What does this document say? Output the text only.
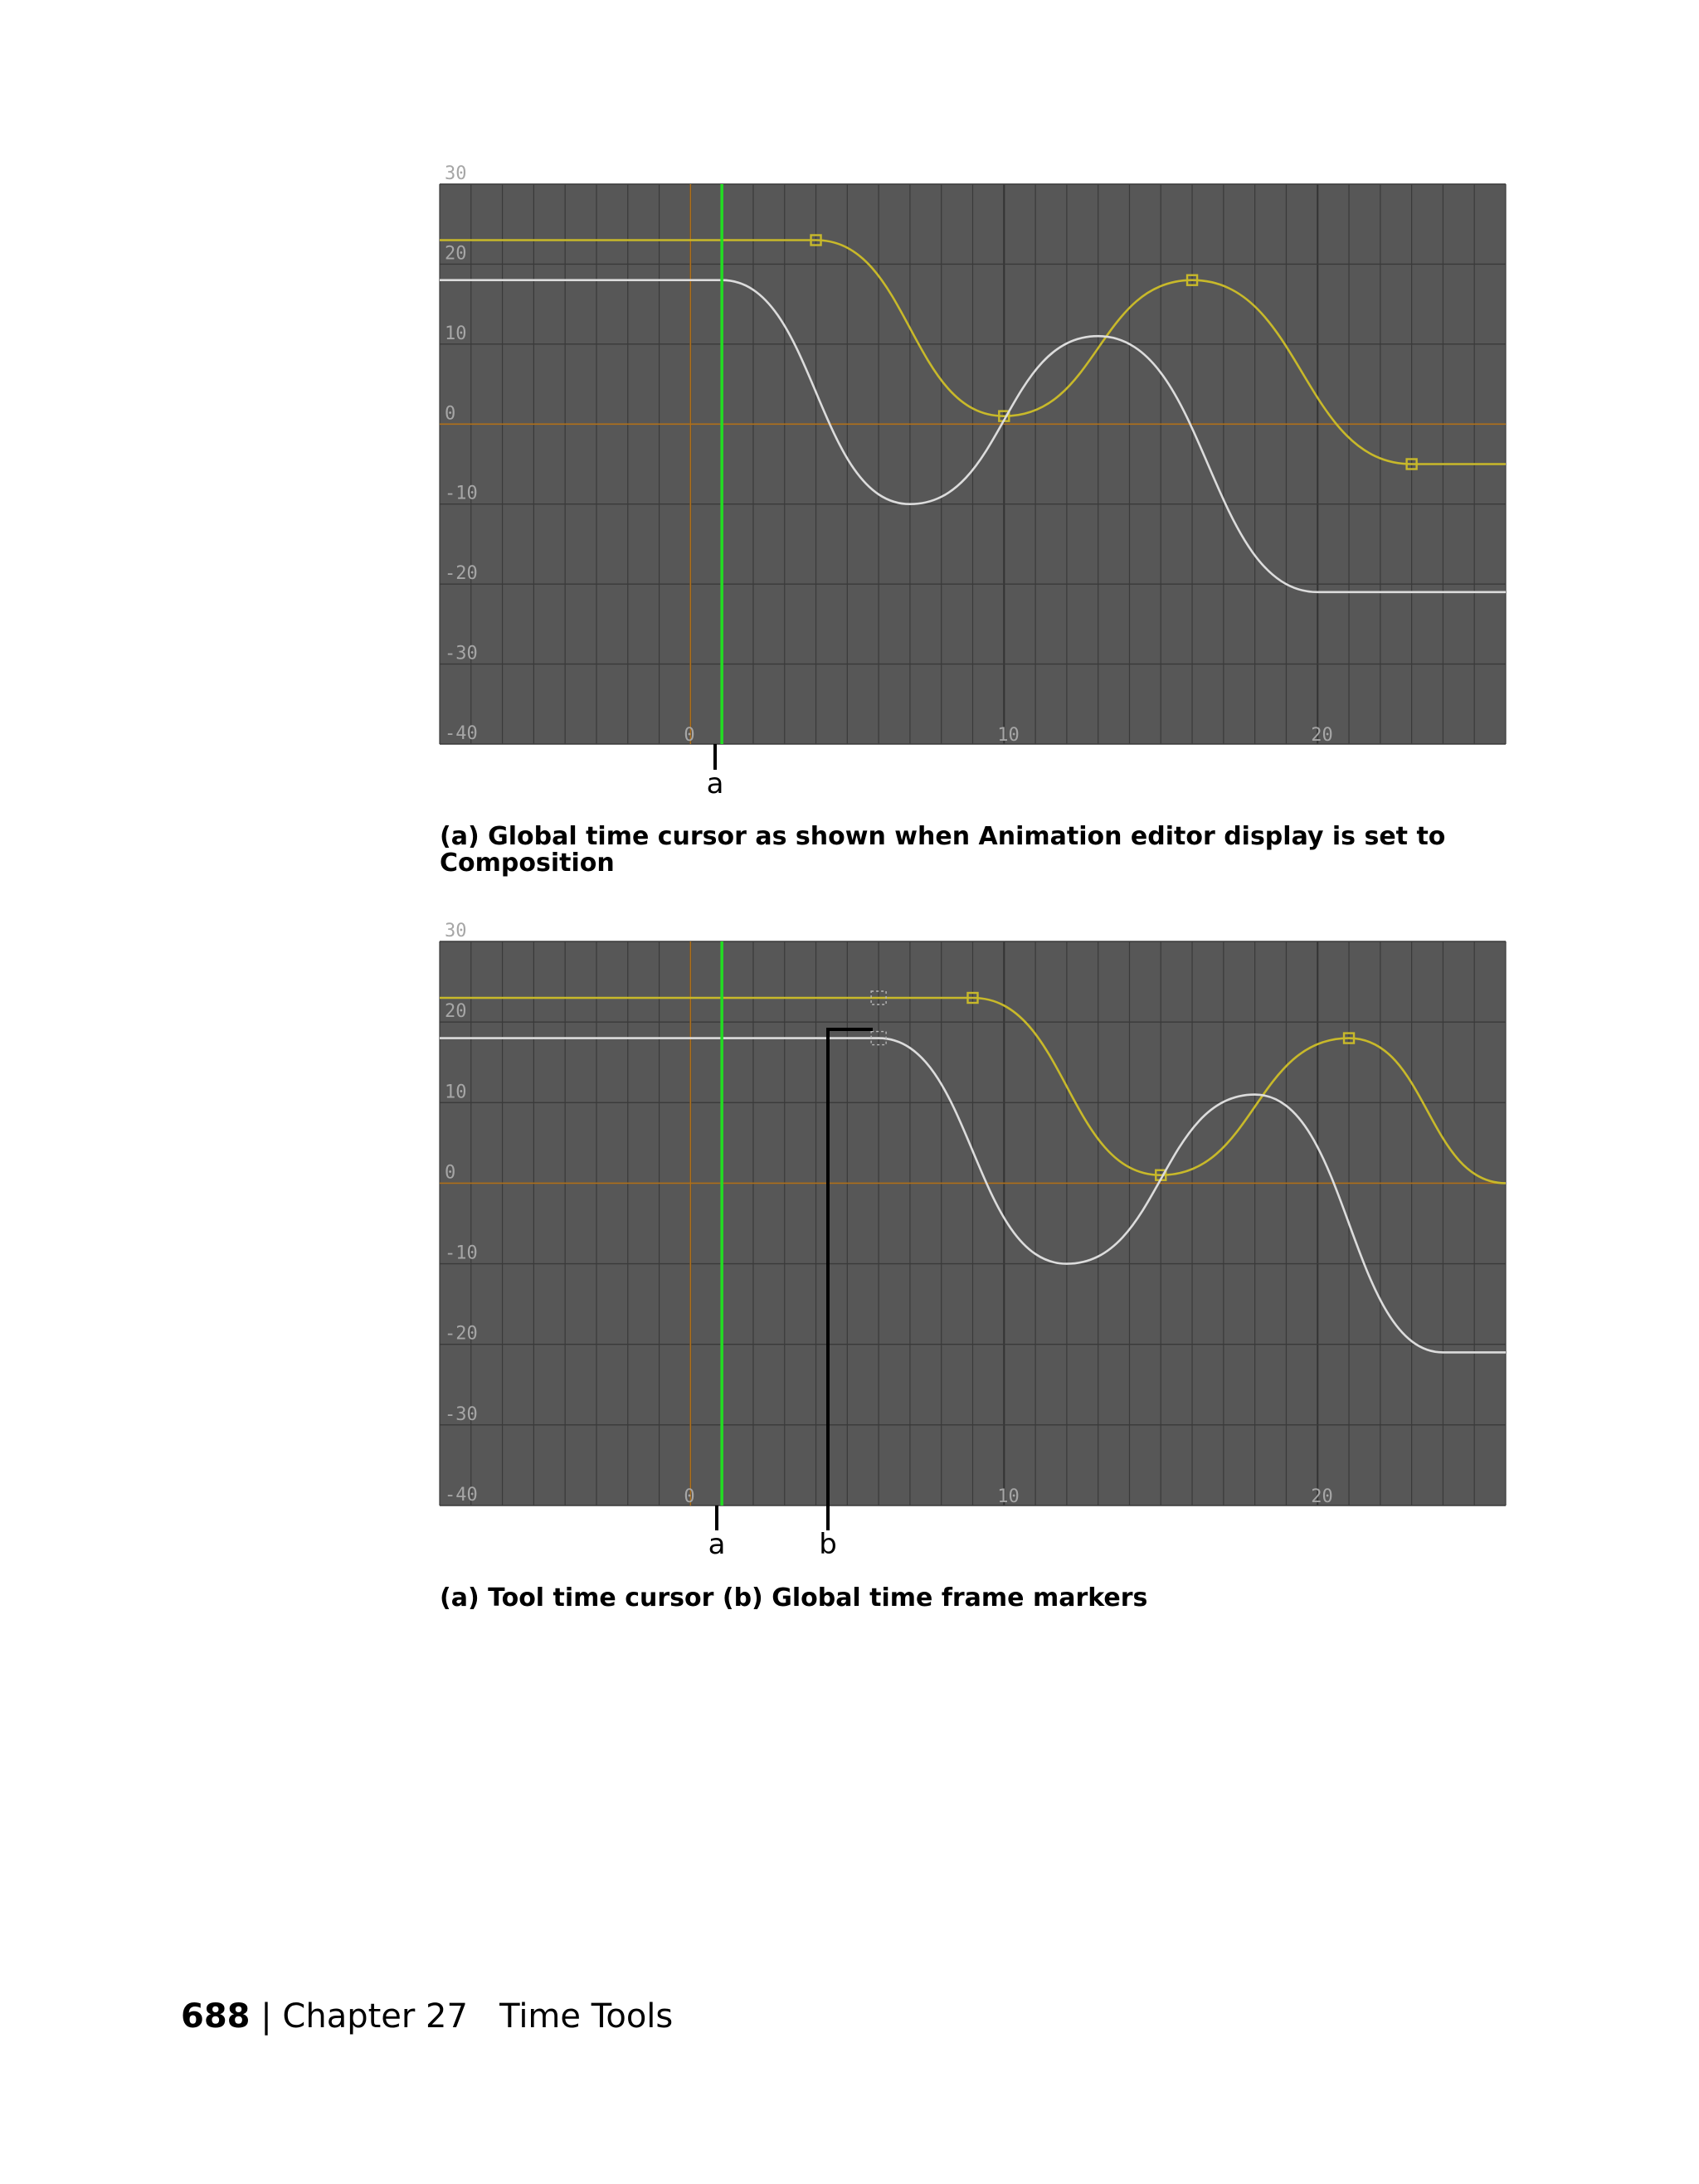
30
20
10
0
-10
-20
-30
-40	0	10	20
a
(a) Global time cursor as shown when Animation editor display is set to Composition
30
20
10
0
-10
-20
-30
-40	0	10	20
a	b
(a) Tool time cursor (b) Global time frame markers
688 | Chapter 27 Time Tools
